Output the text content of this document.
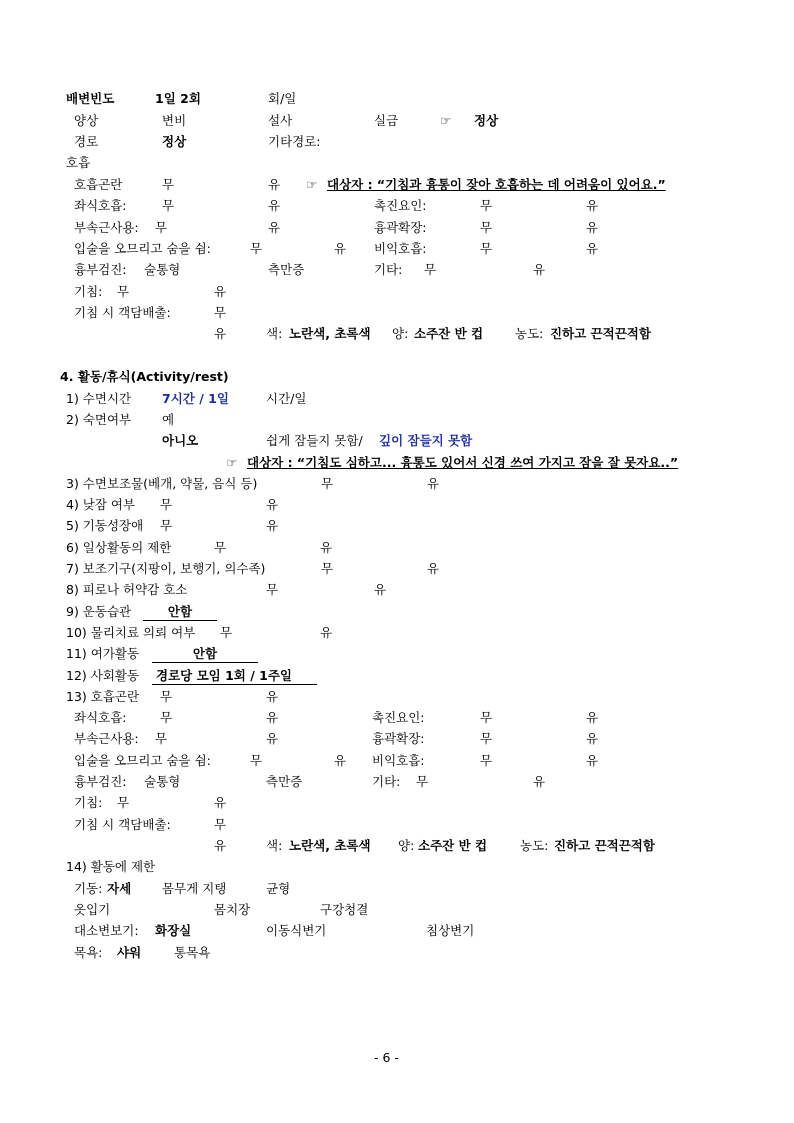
배변빈도	1일 2회	회/일
양상	변비	설사	실금	☞ 정상
경로	정상	기타경로:
호흡
호흡곤란	무	유 ☞ 대상자 : “기침과 흉통이 잦아 호흡하는 데 어려움이 있어요.”
좌식호흡:	무	유	촉진요인:	무	유
부속근사용: 무	유	흉곽확장:	무	유
입술을 오므리고 숨을 쉼:	무	유 비익호흡:	무	유
흉부검진: 술통형	측만증	기타: 무	유
기침: 무	유
기침 시 객담배출:	무
유	색: 노란색, 초록색 양: 소주잔 반 컵	농도: 진하고 끈적끈적함
4. 활동/휴식(Activity/rest)
1) 수면시간 7시간 / 1일	시간/일
2) 숙면여부 예
아니오	쉽게 잠들지 못함/ 깊이 잠들지 못함
☞ 대상자 : “기침도 심하고... 흉통도 있어서 신경 쓰여 가지고 잠을 잘 못자요..”
3) 수면보조물(베개, 약물, 음식 등)	무	유
4) 낮잠 여부 무	유
5) 기동성장애 무	유
6) 일상활동의 제한	무	유
7) 보조기구(지팡이, 보행기, 의수족)	무	유
8) 피로나 허약감 호소	무	유
9) 운동습관	안함
10) 물리치료 의뢰 여부 무	유
11) 여가활동	안함
12) 사회활동	경로당 모임 1회 / 1주일
13) 호흡곤란 무	유
좌식호흡:	무	유	촉진요인:	무	유
부속근사용: 무	유	흉곽확장:	무	유
입술을 오므리고 숨을 쉼:	무	유 비익호흡:	무	유
흉부검진: 술통형	측만증	기타: 무	유
기침: 무	유
기침 시 객담배출:	무
유	색: 노란색, 초록색 양: 소주잔 반 컵	농도: 진하고 끈적끈적함
14) 활동에 제한
기동: 자세 몸무게 지탱	균형
옷입기	몸치장	구강청결
대소변보기: 화장실	이동식변기	침상변기
목욕: 샤워	통목욕
- 6 -
